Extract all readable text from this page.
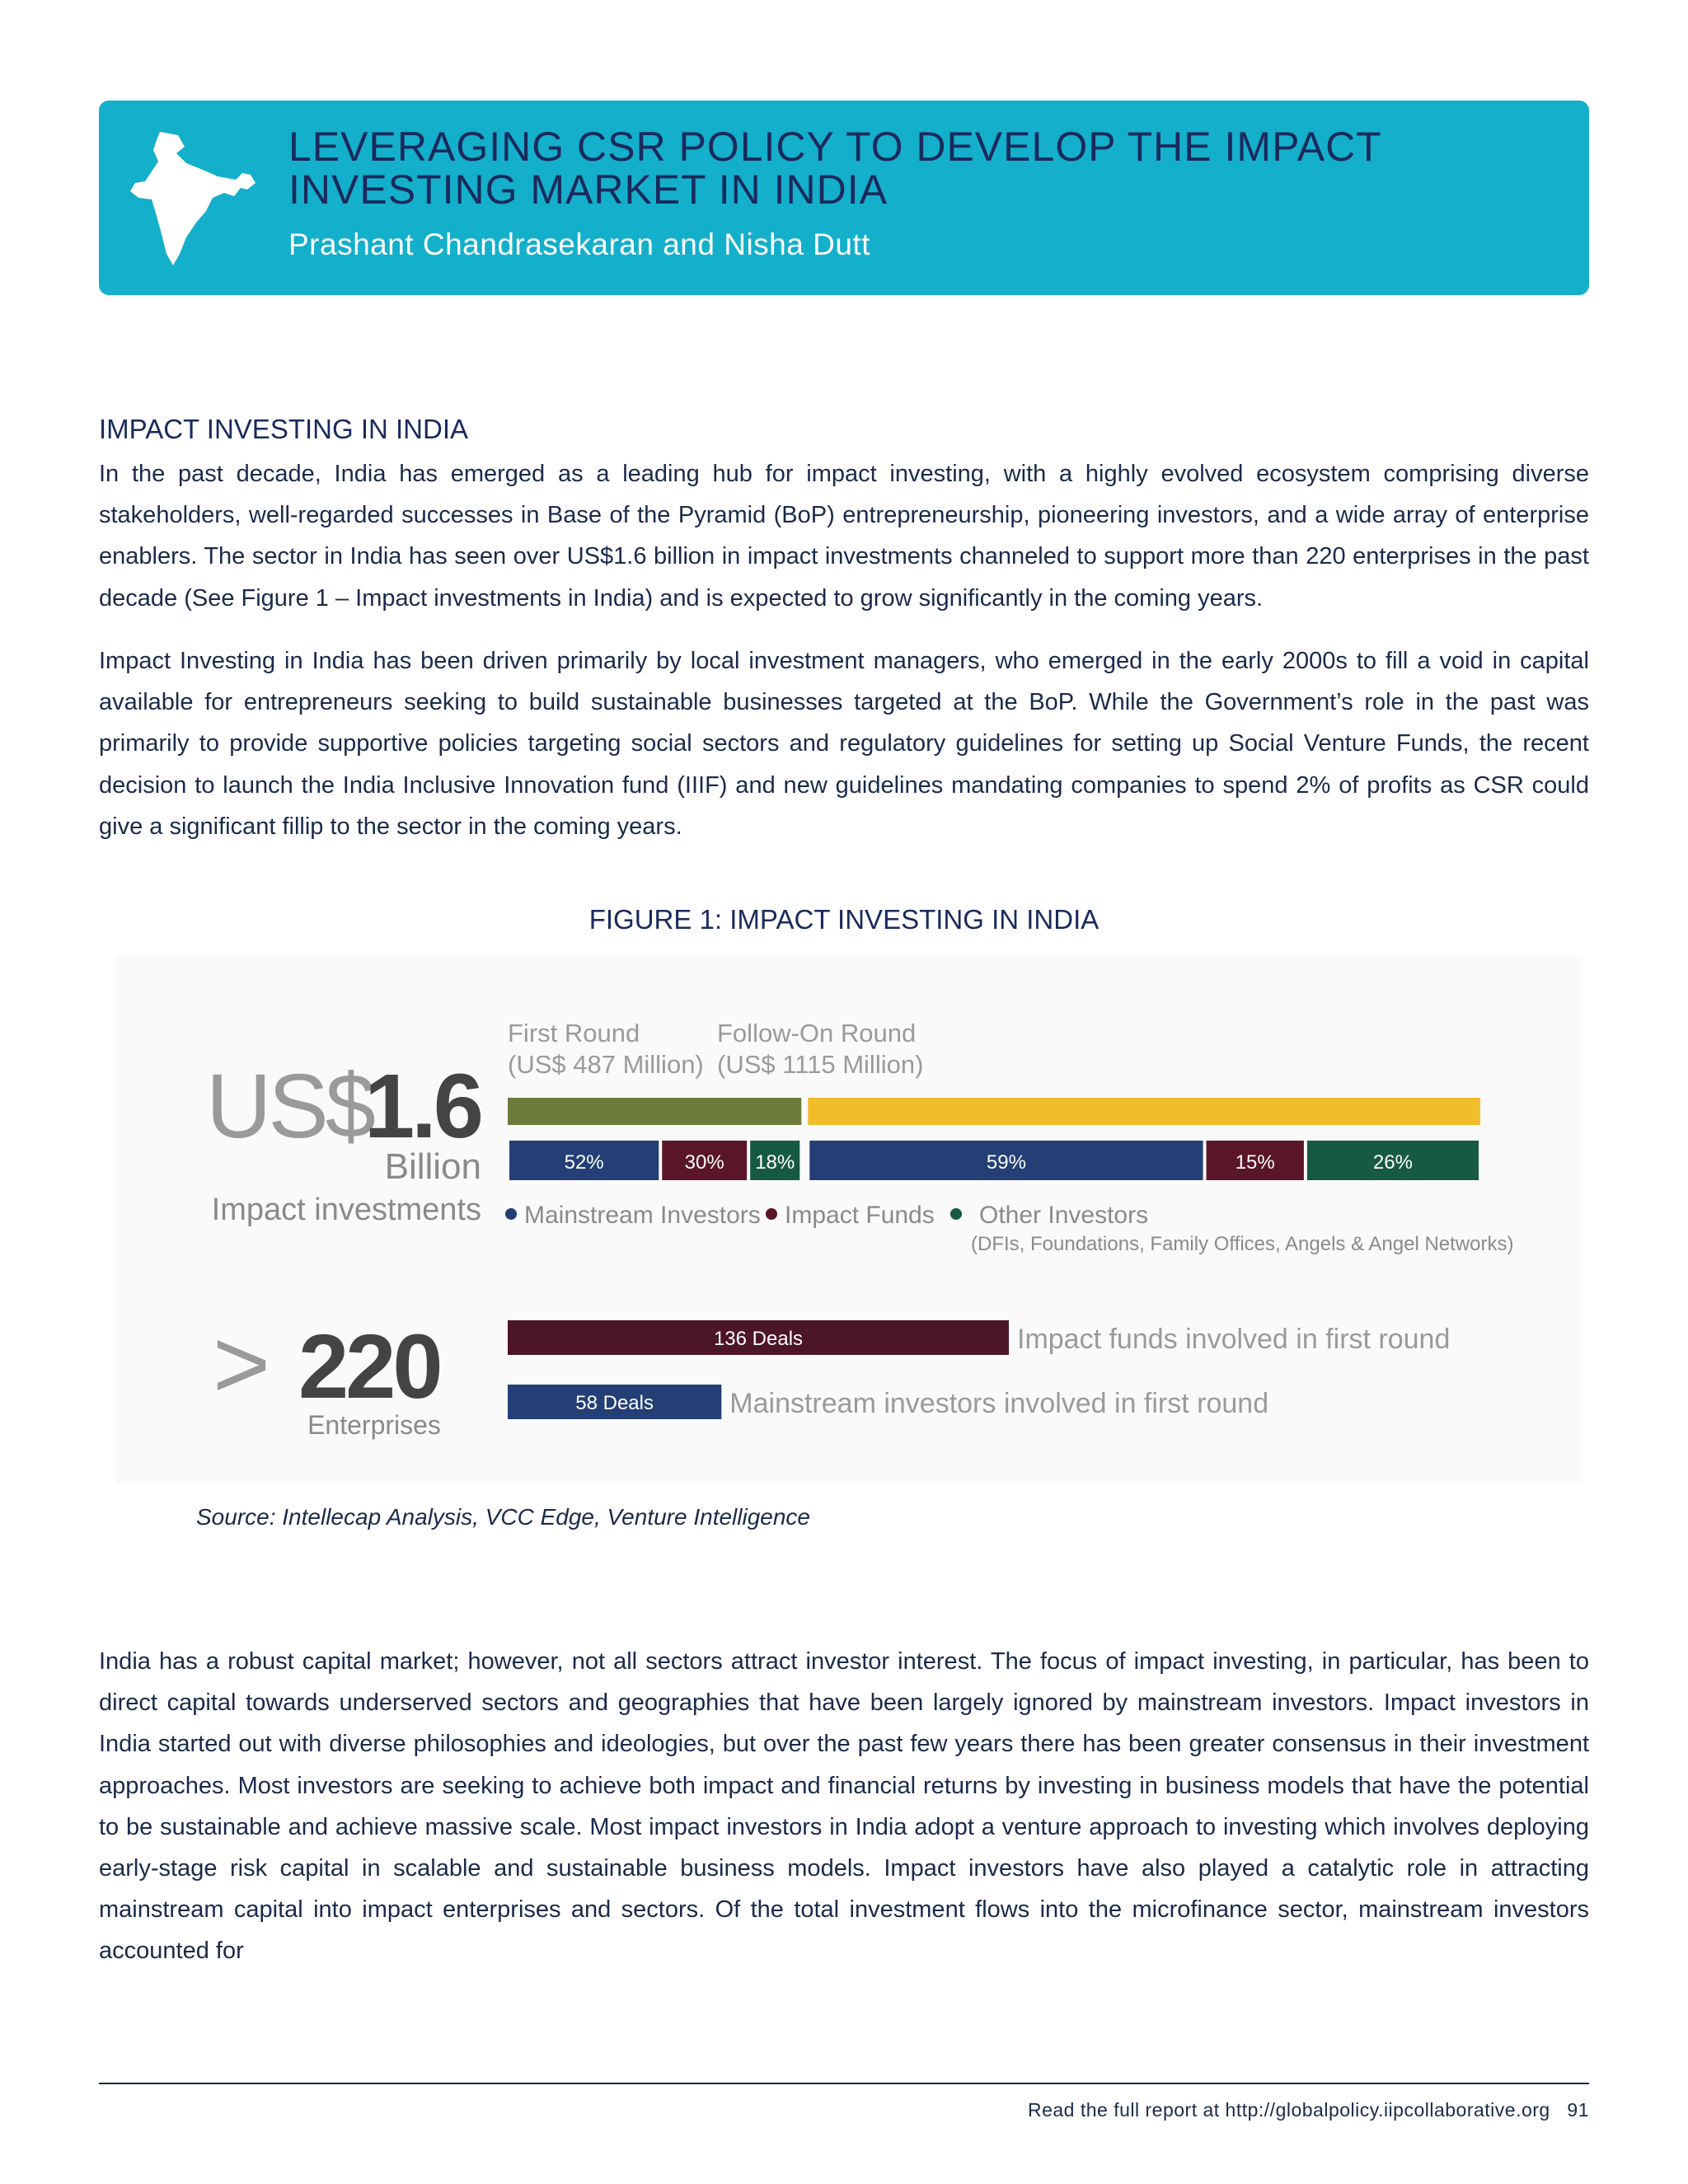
LEVERAGING CSR POLICY TO DEVELOP THE IMPACT INVESTING MARKET IN INDIA
Prashant Chandrasekaran and Nisha Dutt
IMPACT INVESTING IN INDIA

In the past decade, India has emerged as a leading hub for impact investing, with a highly evolved ecosystem comprising diverse stakeholders, well-regarded successes in Base of the Pyramid (BoP) entrepreneurship, pioneering investors, and a wide array of enterprise enablers. The sector in India has seen over US$1.6 billion in impact investments channeled to support more than 220 enterprises in the past decade (See Figure 1 – Impact investments in India) and is expected to grow significantly in the coming years.

Impact Investing in India has been driven primarily by local investment managers, who emerged in the early 2000s to fill a void in capital available for entrepreneurs seeking to build sustainable businesses targeted at the BoP. While the Government’s role in the past was primarily to provide supportive policies targeting social sectors and regulatory guidelines for setting up Social Venture Funds, the recent decision to launch the India Inclusive Innovation fund (IIIF) and new guidelines mandating companies to spend 2% of profits as CSR could give a significant fillip to the sector in the coming years.

FIGURE 1: IMPACT INVESTING IN INDIA
US$
1.6
Billion
Impact investments
First Round
(US$ 487 Million)
Follow-On Round
(US$ 1115 Million)
52%	30% 18%	59%	15%	26%
Mainstream Investors Impact Funds Other Investors
(DFIs, Foundations, Family Offices, Angels & Angel Networks)
> 220
Enterprises
136 Deals	Impact funds involved in first round
58 Deals	Mainstream investors involved in first round
Source: Intellecap Analysis, VCC Edge, Venture Intelligence

India has a robust capital market; however, not all sectors attract investor interest. The focus of impact investing, in particular, has been to direct capital towards underserved sectors and geographies that have been largely ignored by mainstream investors. Impact investors in India started out with diverse philosophies and ideologies, but over the past few years there has been greater consensus in their investment approaches. Most investors are seeking to achieve both impact and financial returns by investing in business models that have the potential to be sustainable and achieve massive scale. Most impact investors in India adopt a venture approach to investing which involves deploying early-stage risk capital in scalable and sustainable business models. Impact investors have also played a catalytic role in attracting mainstream capital into impact enterprises and sectors. Of the total investment flows into the microfinance sector, mainstream investors accounted for

Read the full report at http://globalpolicy.iipcollaborative.org 91
